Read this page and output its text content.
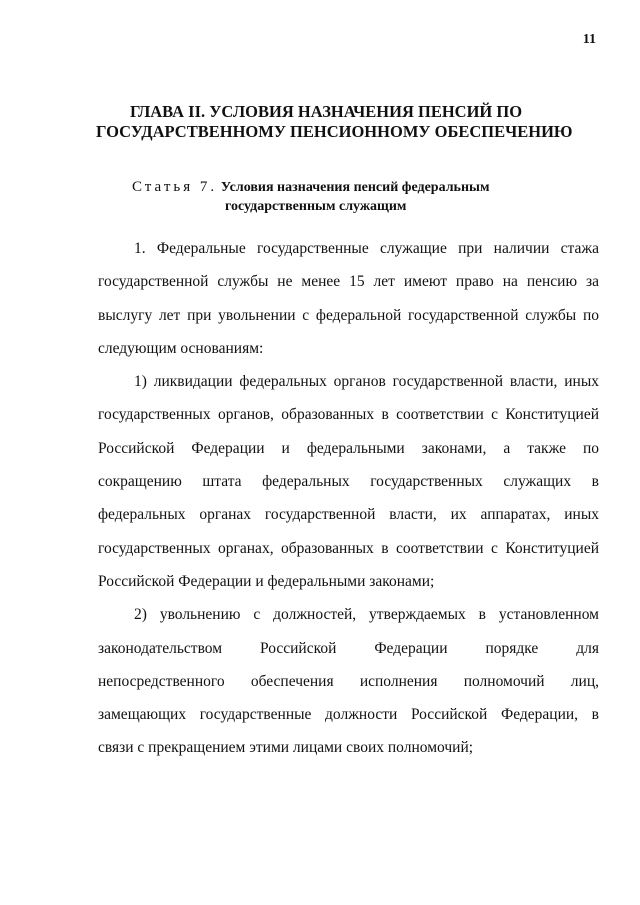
11
ГЛАВА II. УСЛОВИЯ НАЗНАЧЕНИЯ ПЕНСИЙ ПО
ГОСУДАРСТВЕННОМУ ПЕНСИОННОМУ ОБЕСПЕЧЕНИЮ
Статья 7. Условия назначения пенсий федеральным
государственным служащим
1. Федеральные государственные служащие при наличии стажа
государственной службы не менее 15 лет имеют право на пенсию за
выслугу лет при увольнении с федеральной государственной службы по
следующим основаниям:
1) ликвидации федеральных органов государственной власти, иных
государственных органов, образованных в соответствии с Конституцией
Российской Федерации и федеральными законами, а также по
сокращению штата федеральных государственных служащих в
федеральных органах государственной власти, их аппаратах, иных
государственных органах, образованных в соответствии с Конституцией
Российской Федерации и федеральными законами;
2) увольнению с должностей, утверждаемых в установленном
законодательством Российской Федерации порядке для
непосредственного обеспечения исполнения полномочий лиц,
замещающих государственные должности Российской Федерации, в
связи с прекращением этими лицами своих полномочий;
